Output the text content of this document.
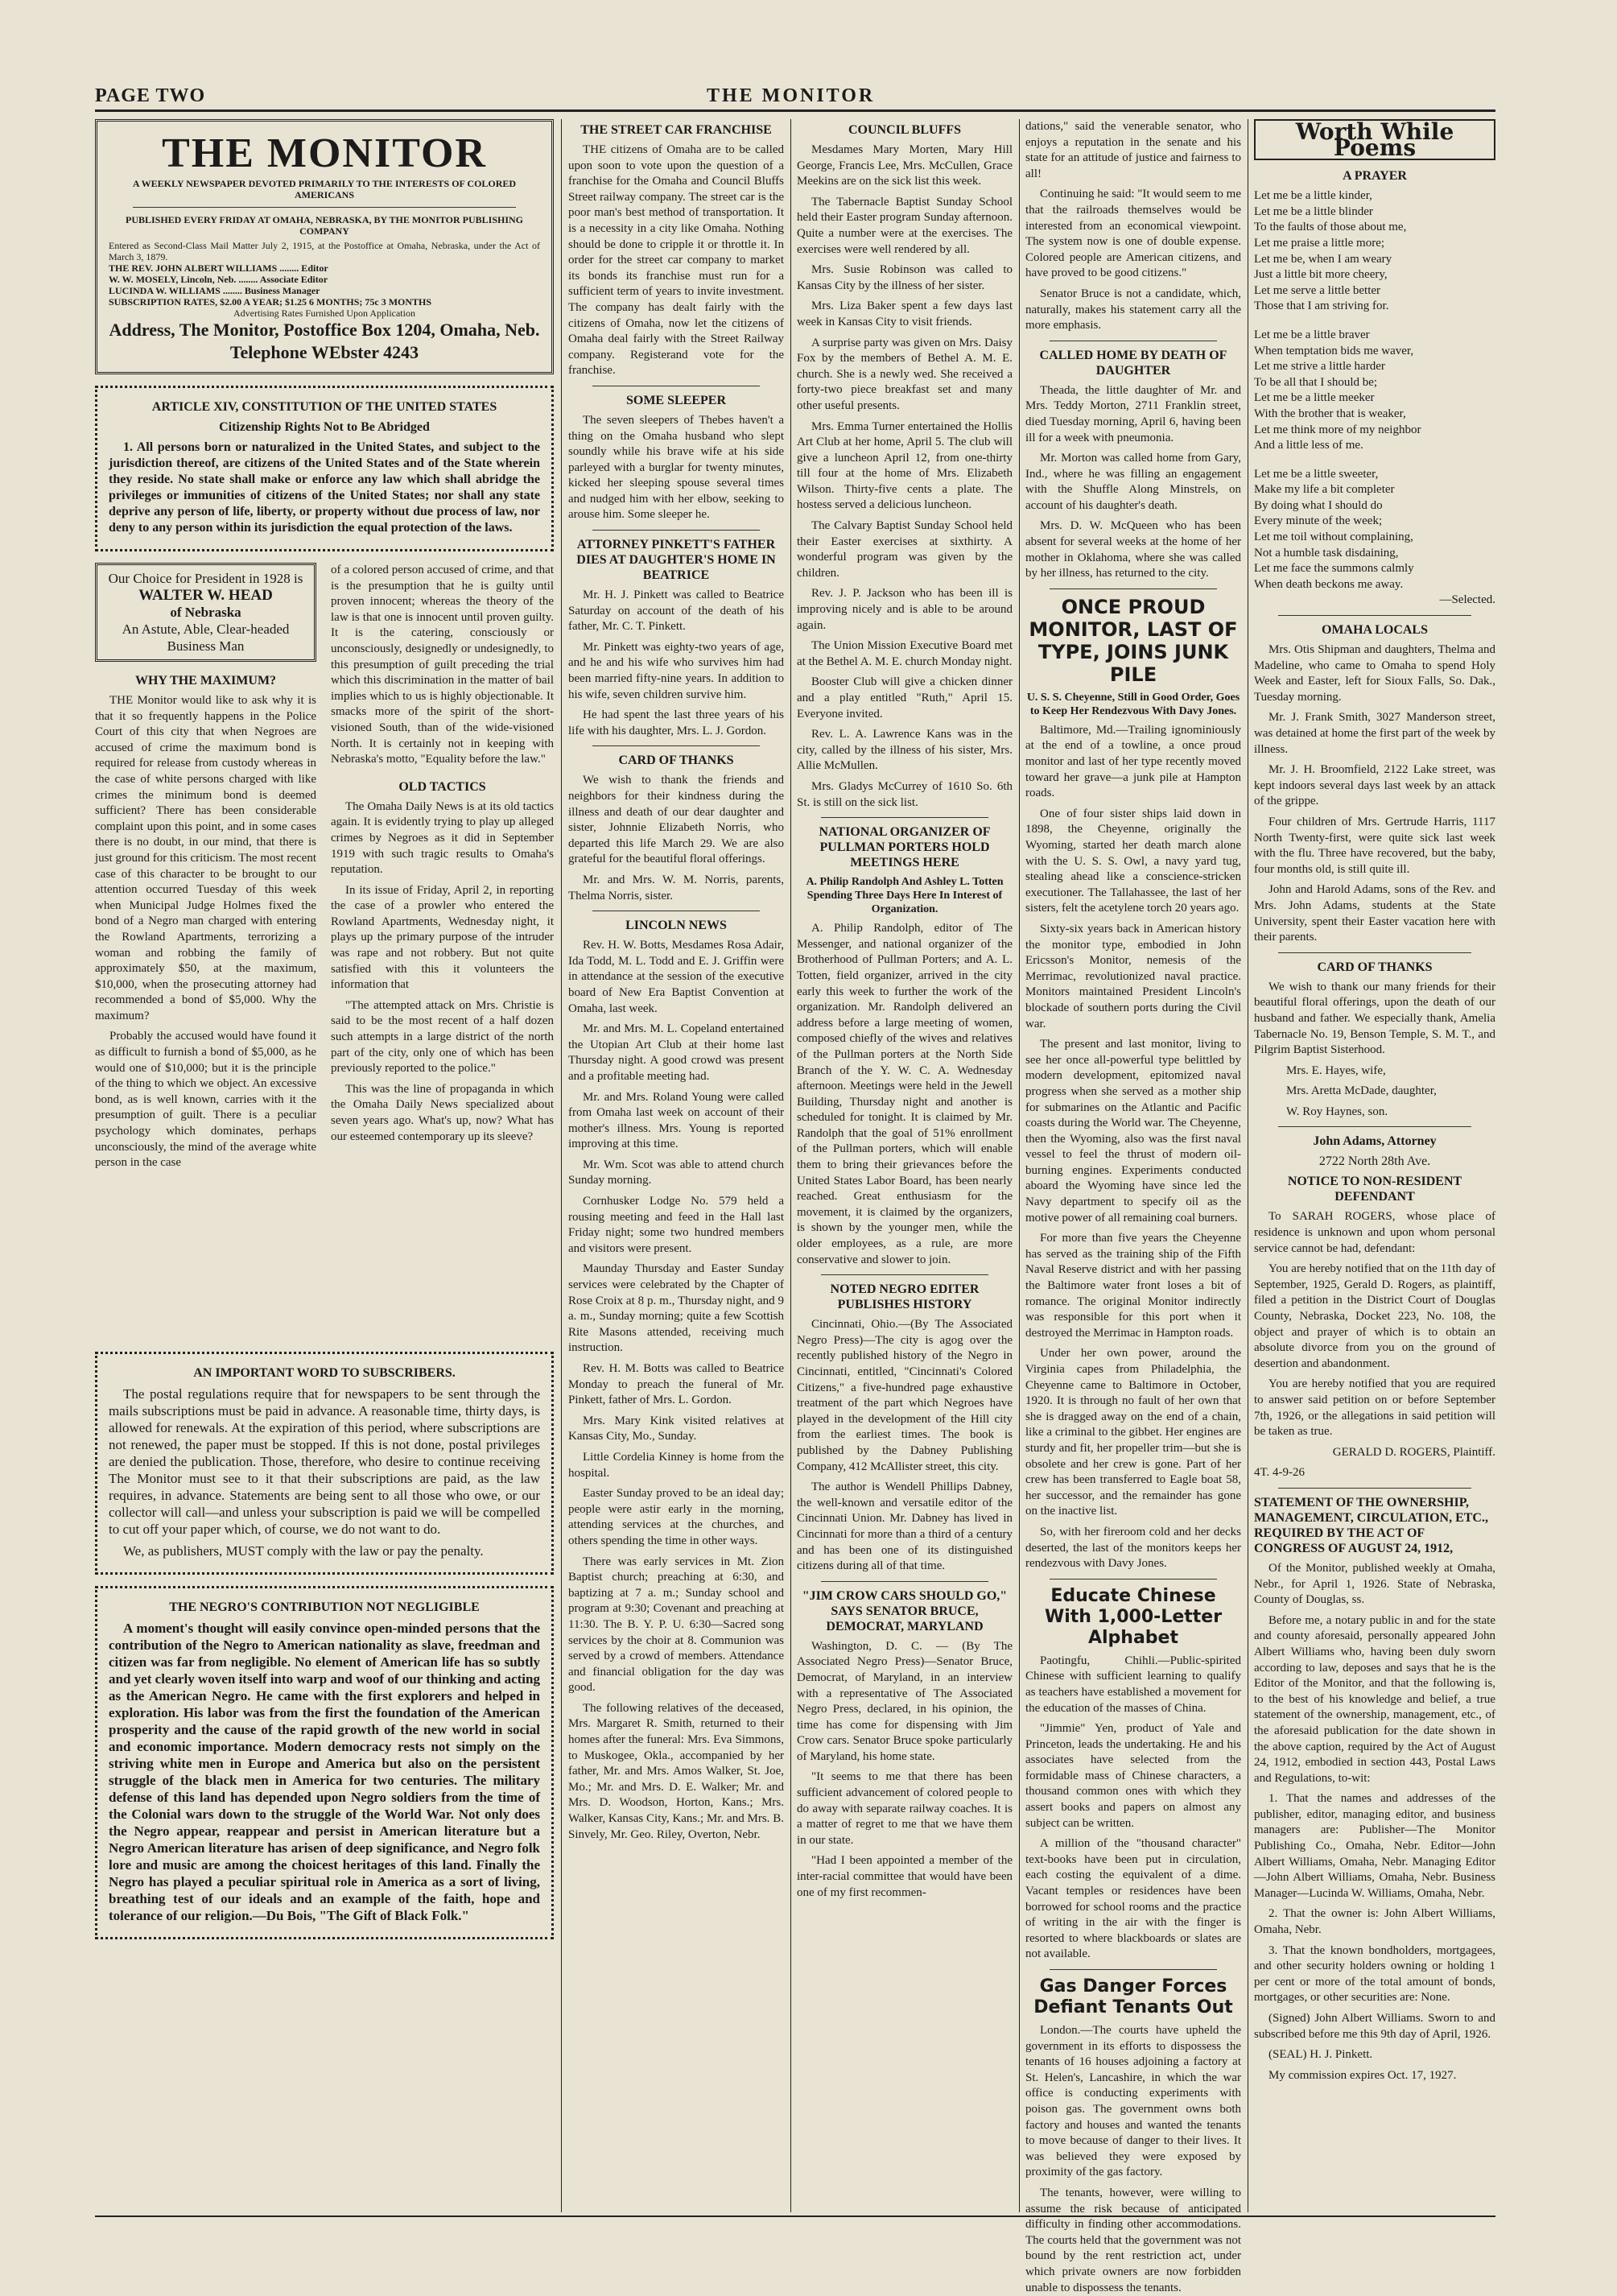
PAGE TWO	THE MONITOR
THE MONITOR
A WEEKLY NEWSPAPER DEVOTED PRIMARILY TO THE INTERESTS OF COLORED AMERICANS
PUBLISHED EVERY FRIDAY AT OMAHA, NEBRASKA, BY THE MONITOR PUBLISHING COMPANY
Entered as Second-Class Mail Matter July 2, 1915, at the Postoffice at Omaha, Nebraska, under the Act of March 3, 1879.
THE REV. JOHN ALBERT WILLIAMS ........ Editor
W. W. MOSELY, Lincoln, Neb. ........ Associate Editor
LUCINDA W. WILLIAMS ........ Business Manager
SUBSCRIPTION RATES, $2.00 A YEAR; $1.25 6 MONTHS; 75c 3 MONTHS
Advertising Rates Furnished Upon Application
Address, The Monitor, Postoffice Box 1204, Omaha, Neb.
Telephone WEbster 4243
ARTICLE XIV, CONSTITUTION OF THE UNITED STATES
Citizenship Rights Not to Be Abridged

1. All persons born or naturalized in the United States, and subject to the jurisdiction thereof, are citizens of the United States and of the State wherein they reside. No state shall make or enforce any law which shall abridge the privileges or immunities of citizens of the United States; nor shall any state deprive any person of life, liberty, or property without due process of law, nor deny to any person within its jurisdiction the equal protection of the laws.

Our Choice for President in 1928 is
WALTER W. HEAD
of Nebraska
An Astute, Able, Clear-headed Business Man
WHY THE MAXIMUM?

THE Monitor would like to ask why it is that it so frequently happens in the Police Court of this city that when Negroes are accused of crime the maximum bond is required for release from custody whereas in the case of white persons charged with like crimes the minimum bond is deemed sufficient? There has been considerable complaint upon this point, and in some cases there is no doubt, in our mind, that there is just ground for this criticism. The most recent case of this character to be brought to our attention occurred Tuesday of this week when Municipal Judge Holmes fixed the bond of a Negro man charged with entering the Rowland Apartments, terrorizing a woman and robbing the family of approximately $50, at the maximum, $10,000, when the prosecuting attorney had recommended a bond of $5,000. Why the maximum?

Probably the accused would have found it as difficult to furnish a bond of $5,000, as he would one of $10,000; but it is the principle of the thing to which we object. An excessive bond, as is well known, carries with it the presumption of guilt. There is a peculiar psychology which dominates, perhaps unconsciously, the mind of the average white person in the case

of a colored person accused of crime, and that is the presumption that he is guilty until proven innocent; whereas the theory of the law is that one is innocent until proven guilty. It is the catering, consciously or unconsciously, designedly or undesignedly, to this presumption of guilt preceding the trial which this discrimination in the matter of bail implies which to us is highly objectionable. It smacks more of the spirit of the short-visioned South, than of the wide-visioned North. It is certainly not in keeping with Nebraska's motto, "Equality before the law."

OLD TACTICS

The Omaha Daily News is at its old tactics again. It is evidently trying to play up alleged crimes by Negroes as it did in September 1919 with such tragic results to Omaha's reputation.

In its issue of Friday, April 2, in reporting the case of a prowler who entered the Rowland Apartments, Wednesday night, it plays up the primary purpose of the intruder was rape and not robbery. But not quite satisfied with this it volunteers the information that

"The attempted attack on Mrs. Christie is said to be the most recent of a half dozen such attempts in a large district of the north part of the city, only one of which has been previously reported to the police."

This was the line of propaganda in which the Omaha Daily News specialized about seven years ago. What's up, now? What has our esteemed contemporary up its sleeve?

AN IMPORTANT WORD TO SUBSCRIBERS.

The postal regulations require that for newspapers to be sent through the mails subscriptions must be paid in advance. A reasonable time, thirty days, is allowed for renewals. At the expiration of this period, where subscriptions are not renewed, the paper must be stopped. If this is not done, postal privileges are denied the publication. Those, therefore, who desire to continue receiving The Monitor must see to it that their subscriptions are paid, as the law requires, in advance. Statements are being sent to all those who owe, or our collector will call—and unless your subscription is paid we will be compelled to cut off your paper which, of course, we do not want to do.

We, as publishers, MUST comply with the law or pay the penalty.

THE NEGRO'S CONTRIBUTION NOT NEGLIGIBLE

A moment's thought will easily convince open-minded persons that the contribution of the Negro to American nationality as slave, freedman and citizen was far from negligible. No element of American life has so subtly and yet clearly woven itself into warp and woof of our thinking and acting as the American Negro. He came with the first explorers and helped in exploration. His labor was from the first the foundation of the American prosperity and the cause of the rapid growth of the new world in social and economic importance. Modern democracy rests not simply on the striving white men in Europe and America but also on the persistent struggle of the black men in America for two centuries. The military defense of this land has depended upon Negro soldiers from the time of the Colonial wars down to the struggle of the World War. Not only does the Negro appear, reappear and persist in American literature but a Negro American literature has arisen of deep significance, and Negro folk lore and music are among the choicest heritages of this land. Finally the Negro has played a peculiar spiritual role in America as a sort of living, breathing test of our ideals and an example of the faith, hope and tolerance of our religion.—Du Bois, "The Gift of Black Folk."

THE STREET CAR FRANCHISE

THE citizens of Omaha are to be called upon soon to vote upon the question of a franchise for the Omaha and Council Bluffs Street railway company. The street car is the poor man's best method of transportation. It is a necessity in a city like Omaha. Nothing should be done to cripple it or throttle it. In order for the street car company to market its bonds its franchise must run for a sufficient term of years to invite investment. The company has dealt fairly with the citizens of Omaha, now let the citizens of Omaha deal fairly with the Street Railway company. Registerand vote for the franchise.

SOME SLEEPER

The seven sleepers of Thebes haven't a thing on the Omaha husband who slept soundly while his brave wife at his side parleyed with a burglar for twenty minutes, kicked her sleeping spouse several times and nudged him with her elbow, seeking to arouse him. Some sleeper he.

ATTORNEY PINKETT'S FATHER DIES AT DAUGHTER'S HOME IN BEATRICE

Mr. H. J. Pinkett was called to Beatrice Saturday on account of the death of his father, Mr. C. T. Pinkett.

Mr. Pinkett was eighty-two years of age, and he and his wife who survives him had been married fifty-nine years. In addition to his wife, seven children survive him.

He had spent the last three years of his life with his daughter, Mrs. L. J. Gordon.

CARD OF THANKS

We wish to thank the friends and neighbors for their kindness during the illness and death of our dear daughter and sister, Johnnie Elizabeth Norris, who departed this life March 29. We are also grateful for the beautiful floral offerings.

Mr. and Mrs. W. M. Norris, parents, Thelma Norris, sister.

LINCOLN NEWS

Rev. H. W. Botts, Mesdames Rosa Adair, Ida Todd, M. L. Todd and E. J. Griffin were in attendance at the session of the executive board of New Era Baptist Convention at Omaha, last week.

Mr. and Mrs. M. L. Copeland entertained the Utopian Art Club at their home last Thursday night. A good crowd was present and a profitable meeting had.

Mr. and Mrs. Roland Young were called from Omaha last week on account of their mother's illness. Mrs. Young is reported improving at this time.

Mr. Wm. Scot was able to attend church Sunday morning.

Cornhusker Lodge No. 579 held a rousing meeting and feed in the Hall last Friday night; some two hundred members and visitors were present.

Maunday Thursday and Easter Sunday services were celebrated by the Chapter of Rose Croix at 8 p. m., Thursday night, and 9 a. m., Sunday morning; quite a few Scottish Rite Masons attended, receiving much instruction.

Rev. H. M. Botts was called to Beatrice Monday to preach the funeral of Mr. Pinkett, father of Mrs. L. Gordon.

Mrs. Mary Kink visited relatives at Kansas City, Mo., Sunday.

Little Cordelia Kinney is home from the hospital.

Easter Sunday proved to be an ideal day; people were astir early in the morning, attending services at the churches, and others spending the time in other ways.

There was early services in Mt. Zion Baptist church; preaching at 6:30, and baptizing at 7 a. m.; Sunday school and program at 9:30; Covenant and preaching at 11:30. The B. Y. P. U. 6:30—Sacred song services by the choir at 8. Communion was served by a crowd of members. Attendance and financial obligation for the day was good.

The following relatives of the deceased, Mrs. Margaret R. Smith, returned to their homes after the funeral: Mrs. Eva Simmons, to Muskogee, Okla., accompanied by her father, Mr. and Mrs. Amos Walker, St. Joe, Mo.; Mr. and Mrs. D. E. Walker; Mr. and Mrs. D. Woodson, Horton, Kans.; Mrs. Walker, Kansas City, Kans.; Mr. and Mrs. B. Sinvely, Mr. Geo. Riley, Overton, Nebr.

COUNCIL BLUFFS

Mesdames Mary Morten, Mary Hill George, Francis Lee, Mrs. McCullen, Grace Meekins are on the sick list this week.

The Tabernacle Baptist Sunday School held their Easter program Sunday afternoon. Quite a number were at the exercises. The exercises were well rendered by all.

Mrs. Susie Robinson was called to Kansas City by the illness of her sister.

Mrs. Liza Baker spent a few days last week in Kansas City to visit friends.

A surprise party was given on Mrs. Daisy Fox by the members of Bethel A. M. E. church. She is a newly wed. She received a forty-two piece breakfast set and many other useful presents.

Mrs. Emma Turner entertained the Hollis Art Club at her home, April 5. The club will give a luncheon April 12, from one-thirty till four at the home of Mrs. Elizabeth Wilson. Thirty-five cents a plate. The hostess served a delicious luncheon.

The Calvary Baptist Sunday School held their Easter exercises at sixthirty. A wonderful program was given by the children.

Rev. J. P. Jackson who has been ill is improving nicely and is able to be around again.

The Union Mission Executive Board met at the Bethel A. M. E. church Monday night.

Booster Club will give a chicken dinner and a play entitled "Ruth," April 15. Everyone invited.

Rev. L. A. Lawrence Kans was in the city, called by the illness of his sister, Mrs. Allie McMullen.

Mrs. Gladys McCurrey of 1610 So. 6th St. is still on the sick list.

NATIONAL ORGANIZER OF PULLMAN PORTERS HOLD MEETINGS HERE
A. Philip Randolph And Ashley L. Totten Spending Three Days Here In Interest of Organization.

A. Philip Randolph, editor of The Messenger, and national organizer of the Brotherhood of Pullman Porters; and A. L. Totten, field organizer, arrived in the city early this week to further the work of the organization. Mr. Randolph delivered an address before a large meeting of women, composed chiefly of the wives and relatives of the Pullman porters at the North Side Branch of the Y. W. C. A. Wednesday afternoon. Meetings were held in the Jewell Building, Thursday night and another is scheduled for tonight. It is claimed by Mr. Randolph that the goal of 51% enrollment of the Pullman porters, which will enable them to bring their grievances before the United States Labor Board, has been nearly reached. Great enthusiasm for the movement, it is claimed by the organizers, is shown by the younger men, while the older employees, as a rule, are more conservative and slower to join.

NOTED NEGRO EDITER PUBLISHES HISTORY

Cincinnati, Ohio.—(By The Associated Negro Press)—The city is agog over the recently published history of the Negro in Cincinnati, entitled, "Cincinnati's Colored Citizens," a five-hundred page exhaustive treatment of the part which Negroes have played in the development of the Hill city from the earliest times. The book is published by the Dabney Publishing Company, 412 McAllister street, this city.

The author is Wendell Phillips Dabney, the well-known and versatile editor of the Cincinnati Union. Mr. Dabney has lived in Cincinnati for more than a third of a century and has been one of its distinguished citizens during all of that time.

"JIM CROW CARS SHOULD GO," SAYS SENATOR BRUCE, DEMOCRAT, MARYLAND

Washington, D. C. — (By The Associated Negro Press)—Senator Bruce, Democrat, of Maryland, in an interview with a representative of The Associated Negro Press, declared, in his opinion, the time has come for dispensing with Jim Crow cars. Senator Bruce spoke particularly of Maryland, his home state.

"It seems to me that there has been sufficient advancement of colored people to do away with separate railway coaches. It is a matter of regret to me that we have them in our state.

"Had I been appointed a member of the inter-racial committee that would have been one of my first recommen-

dations," said the venerable senator, who enjoys a reputation in the senate and his state for an attitude of justice and fairness to all!

Continuing he said: "It would seem to me that the railroads themselves would be interested from an economical viewpoint. The system now is one of double expense. Colored people are American citizens, and have proved to be good citizens."

Senator Bruce is not a candidate, which, naturally, makes his statement carry all the more emphasis.

CALLED HOME BY DEATH OF DAUGHTER

Theada, the little daughter of Mr. and Mrs. Teddy Morton, 2711 Franklin street, died Tuesday morning, April 6, having been ill for a week with pneumonia.

Mr. Morton was called home from Gary, Ind., where he was filling an engagement with the Shuffle Along Minstrels, on account of his daughter's death.

Mrs. D. W. McQueen who has been absent for several weeks at the home of her mother in Oklahoma, where she was called by her illness, has returned to the city.

ONCE PROUD MONITOR, LAST OF TYPE, JOINS JUNK PILE
U. S. S. Cheyenne, Still in Good Order, Goes to Keep Her Rendezvous With Davy Jones.

Baltimore, Md.—Trailing ignominiously at the end of a towline, a once proud monitor and last of her type recently moved toward her grave—a junk pile at Hampton roads.

One of four sister ships laid down in 1898, the Cheyenne, originally the Wyoming, started her death march alone with the U. S. S. Owl, a navy yard tug, stealing ahead like a conscience-stricken executioner. The Tallahassee, the last of her sisters, felt the acetylene torch 20 years ago.

Sixty-six years back in American history the monitor type, embodied in John Ericsson's Monitor, nemesis of the Merrimac, revolutionized naval practice. Monitors maintained President Lincoln's blockade of southern ports during the Civil war.

The present and last monitor, living to see her once all-powerful type belittled by modern development, epitomized naval progress when she served as a mother ship for submarines on the Atlantic and Pacific coasts during the World war. The Cheyenne, then the Wyoming, also was the first naval vessel to feel the thrust of modern oil-burning engines. Experiments conducted aboard the Wyoming have since led the Navy department to specify oil as the motive power of all remaining coal burners.

For more than five years the Cheyenne has served as the training ship of the Fifth Naval Reserve district and with her passing the Baltimore water front loses a bit of romance. The original Monitor indirectly was responsible for this port when it destroyed the Merrimac in Hampton roads.

Under her own power, around the Virginia capes from Philadelphia, the Cheyenne came to Baltimore in October, 1920. It is through no fault of her own that she is dragged away on the end of a chain, like a criminal to the gibbet. Her engines are sturdy and fit, her propeller trim—but she is obsolete and her crew is gone. Part of her crew has been transferred to Eagle boat 58, her successor, and the remainder has gone on the inactive list.

So, with her fireroom cold and her decks deserted, the last of the monitors keeps her rendezvous with Davy Jones.

Educate Chinese With 1,000-Letter Alphabet

Paotingfu, Chihli.—Public-spirited Chinese with sufficient learning to qualify as teachers have established a movement for the education of the masses of China.

"Jimmie" Yen, product of Yale and Princeton, leads the undertaking. He and his associates have selected from the formidable mass of Chinese characters, a thousand common ones with which they assert books and papers on almost any subject can be written.

A million of the "thousand character" text-books have been put in circulation, each costing the equivalent of a dime. Vacant temples or residences have been borrowed for school rooms and the practice of writing in the air with the finger is resorted to where blackboards or slates are not available.

Gas Danger Forces Defiant Tenants Out

London.—The courts have upheld the government in its efforts to dispossess the tenants of 16 houses adjoining a factory at St. Helen's, Lancashire, in which the war office is conducting experiments with poison gas. The government owns both factory and houses and wanted the tenants to move because of danger to their lives. It was believed they were exposed by proximity of the gas factory.

The tenants, however, were willing to assume the risk because of anticipated difficulty in finding other accommodations. The courts held that the government was not bound by the rent restriction act, under which private owners are now forbidden unable to dispossess the tenants.

Worth While Poems
A PRAYER

Let me be a little kinder,

Let me be a little blinder

To the faults of those about me,

Let me praise a little more;

Let me be, when I am weary

Just a little bit more cheery,

Let me serve a little better

Those that I am striving for.

Let me be a little braver

When temptation bids me waver,

Let me strive a little harder

To be all that I should be;

Let me be a little meeker

With the brother that is weaker,

Let me think more of my neighbor

And a little less of me.

Let me be a little sweeter,

Make my life a bit completer

By doing what I should do

Every minute of the week;

Let me toil without complaining,

Not a humble task disdaining,

Let me face the summons calmly

When death beckons me away.

—Selected.

OMAHA LOCALS

Mrs. Otis Shipman and daughters, Thelma and Madeline, who came to Omaha to spend Holy Week and Easter, left for Sioux Falls, So. Dak., Tuesday morning.

Mr. J. Frank Smith, 3027 Manderson street, was detained at home the first part of the week by illness.

Mr. J. H. Broomfield, 2122 Lake street, was kept indoors several days last week by an attack of the grippe.

Four children of Mrs. Gertrude Harris, 1117 North Twenty-first, were quite sick last week with the flu. Three have recovered, but the baby, four months old, is still quite ill.

John and Harold Adams, sons of the Rev. and Mrs. John Adams, students at the State University, spent their Easter vacation here with their parents.

CARD OF THANKS

We wish to thank our many friends for their beautiful floral offerings, upon the death of our husband and father. We especially thank, Amelia Tabernacle No. 19, Benson Temple, S. M. T., and Pilgrim Baptist Sisterhood.

Mrs. E. Hayes, wife,

Mrs. Aretta McDade, daughter,

W. Roy Haynes, son.

John Adams, Attorney
2722 North 28th Ave.
NOTICE TO NON-RESIDENT DEFENDANT

To SARAH ROGERS, whose place of residence is unknown and upon whom personal service cannot be had, defendant:

You are hereby notified that on the 11th day of September, 1925, Gerald D. Rogers, as plaintiff, filed a petition in the District Court of Douglas County, Nebraska, Docket 223, No. 108, the object and prayer of which is to obtain an absolute divorce from you on the ground of desertion and abandonment.

You are hereby notified that you are required to answer said petition on or before September 7th, 1926, or the allegations in said petition will be taken as true.

GERALD D. ROGERS, Plaintiff.

4T. 4-9-26

STATEMENT OF THE OWNERSHIP, MANAGEMENT, CIRCULATION, ETC., REQUIRED BY THE ACT OF CONGRESS OF AUGUST 24, 1912,

Of the Monitor, published weekly at Omaha, Nebr., for April 1, 1926. State of Nebraska, County of Douglas, ss.

Before me, a notary public in and for the state and county aforesaid, personally appeared John Albert Williams who, having been duly sworn according to law, deposes and says that he is the Editor of the Monitor, and that the following is, to the best of his knowledge and belief, a true statement of the ownership, management, etc., of the aforesaid publication for the date shown in the above caption, required by the Act of August 24, 1912, embodied in section 443, Postal Laws and Regulations, to-wit:

1. That the names and addresses of the publisher, editor, managing editor, and business managers are: Publisher—The Monitor Publishing Co., Omaha, Nebr. Editor—John Albert Williams, Omaha, Nebr. Managing Editor—John Albert Williams, Omaha, Nebr. Business Manager—Lucinda W. Williams, Omaha, Nebr.

2. That the owner is: John Albert Williams, Omaha, Nebr.

3. That the known bondholders, mortgagees, and other security holders owning or holding 1 per cent or more of the total amount of bonds, mortgages, or other securities are: None.

(Signed) John Albert Williams. Sworn to and subscribed before me this 9th day of April, 1926.

(SEAL) H. J. Pinkett.

My commission expires Oct. 17, 1927.
